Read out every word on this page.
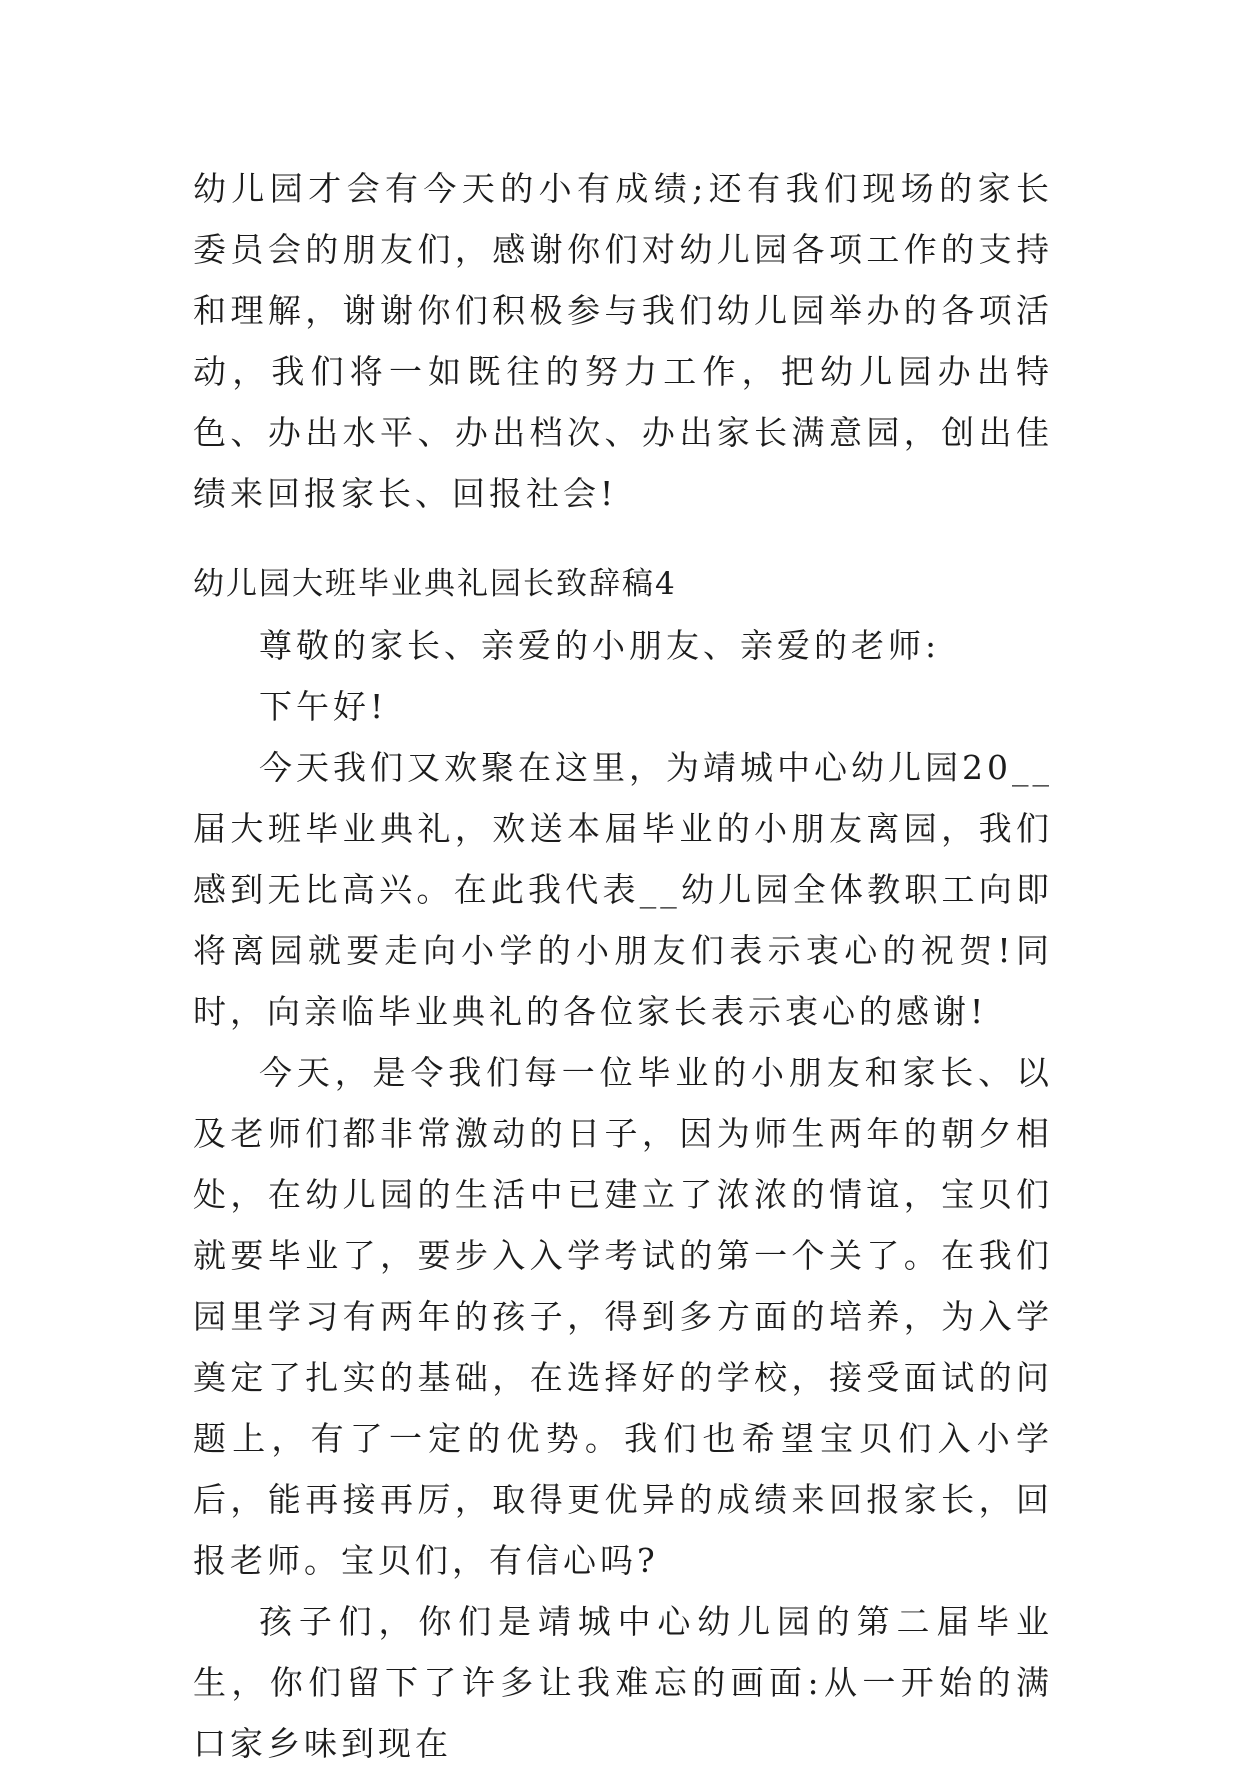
幼儿园才会有今天的小有成绩;还有我们现场的家长委员会的朋友们，感谢你们对幼儿园各项工作的支持和理解，谢谢你们积极参与我们幼儿园举办的各项活动，我们将一如既往的努力工作，把幼儿园办出特色、办出水平、办出档次、办出家长满意园，创出佳绩来回报家长、回报社会!

幼儿园大班毕业典礼园长致辞稿4

尊敬的家长、亲爱的小朋友、亲爱的老师:

下午好!

今天我们又欢聚在这里，为靖城中心幼儿园20__届大班毕业典礼，欢送本届毕业的小朋友离园，我们感到无比高兴。在此我代表__幼儿园全体教职工向即将离园就要走向小学的小朋友们表示衷心的祝贺!同时，向亲临毕业典礼的各位家长表示衷心的感谢!

今天，是令我们每一位毕业的小朋友和家长、以及老师们都非常激动的日子，因为师生两年的朝夕相处，在幼儿园的生活中已建立了浓浓的情谊，宝贝们就要毕业了，要步入入学考试的第一个关了。在我们园里学习有两年的孩子，得到多方面的培养，为入学奠定了扎实的基础，在选择好的学校，接受面试的问题上，有了一定的优势。我们也希望宝贝们入小学后，能再接再厉，取得更优异的成绩来回报家长，回报老师。宝贝们，有信心吗?

孩子们，你们是靖城中心幼儿园的第二届毕业生，你们留下了许多让我难忘的画面:从一开始的满口家乡味到现在
